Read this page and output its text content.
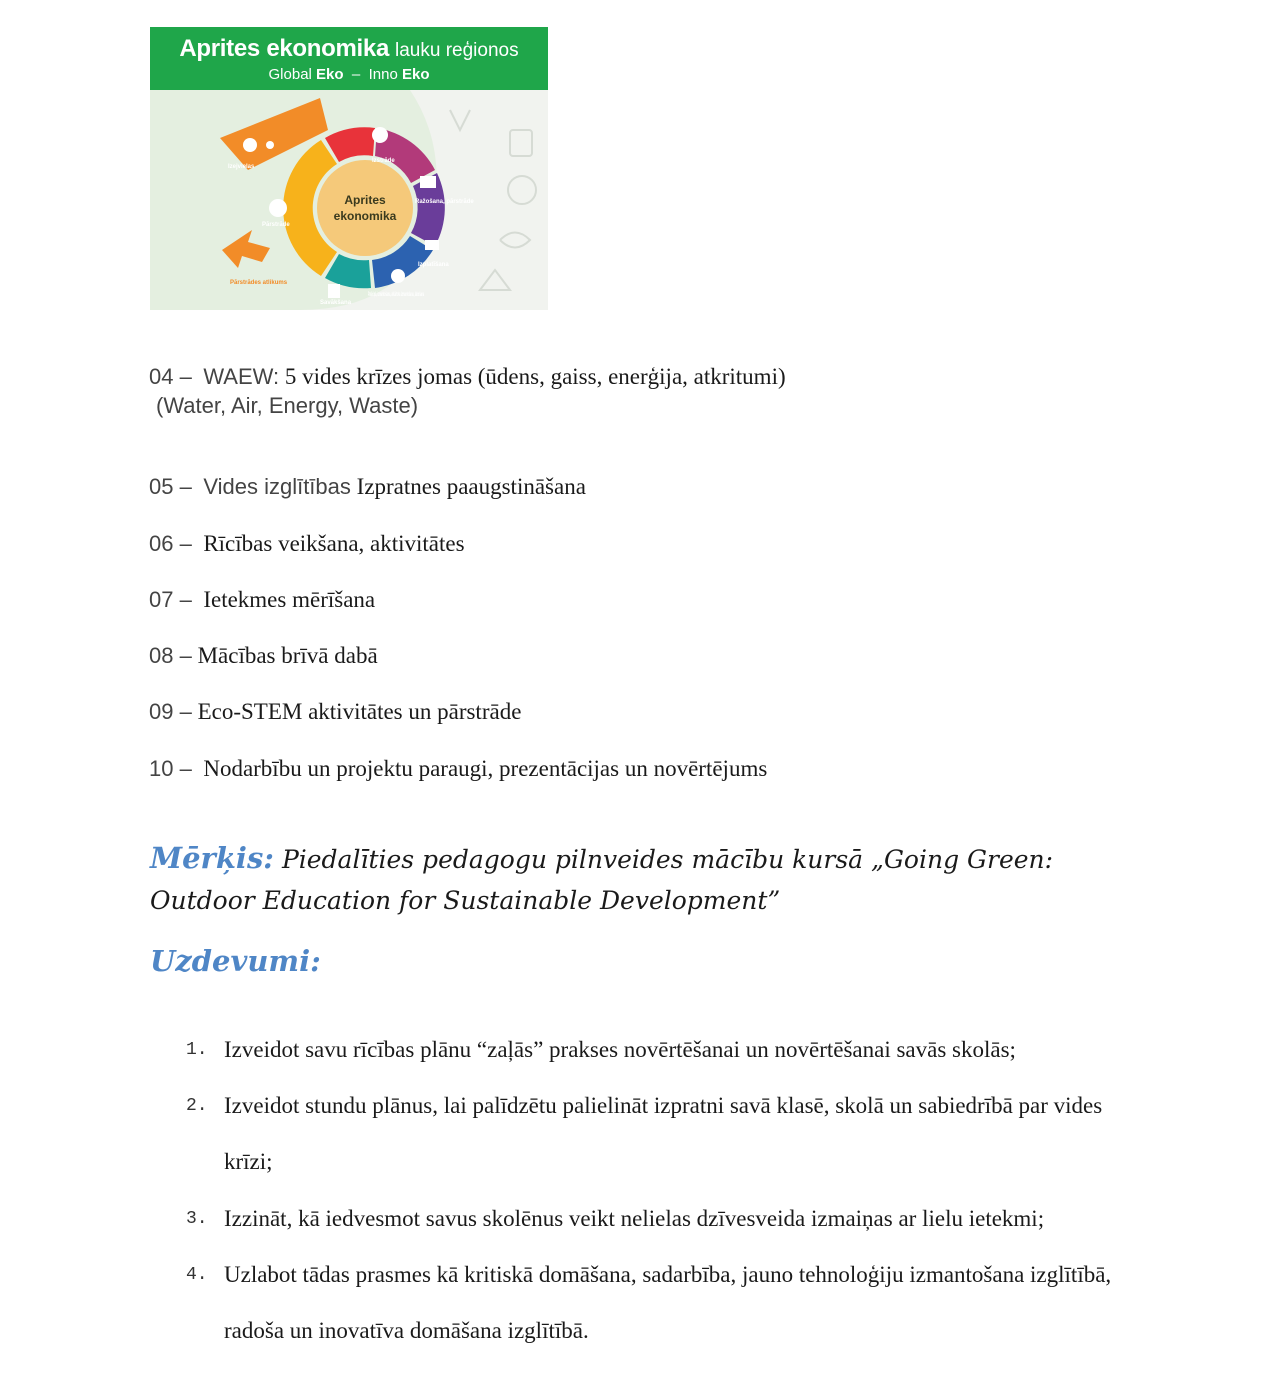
Aprites ekonomika lauku reģionos
Global Eko – Inno Eko
Aprites
ekonomika
Izejvielas
Izstrāde
Ražošana, pārstrāde
Izplatīšana
Patēriņš, izmantošana, atkārtota izmantošana, labošana
Savākšana
Pārstrāde
Pārstrādes atlikums
04 – WAEW: 5 vides krīzes jomas (ūdens, gaiss, enerģija, atkritumi)
(Water, Air, Energy, Waste)
05 – Vides izglītības Izpratnes paaugstināšana
06 – Rīcības veikšana, aktivitātes
07 – Ietekmes mērīšana
08 – Mācības brīvā dabā
09 – Eco-STEM aktivitātes un pārstrāde
10 – Nodarbību un projektu paraugi, prezentācijas un novērtējums
Mērķis: Piedalīties pedagogu pilnveides mācību kursā „Going Green: Outdoor Education for Sustainable Development”
Uzdevumi:
1. Izveidot savu rīcības plānu “zaļās” prakses novērtēšanai un novērtēšanai savās skolās;
2. Izveidot stundu plānus, lai palīdzētu palielināt izpratni savā klasē, skolā un sabiedrībā par vides krīzi;
3. Izzināt, kā iedvesmot savus skolēnus veikt nelielas dzīvesveida izmaiņas ar lielu ietekmi;
4. Uzlabot tādas prasmes kā kritiskā domāšana, sadarbība, jauno tehnoloģiju izmantošana izglītībā, radoša un inovatīva domāšana izglītībā.
